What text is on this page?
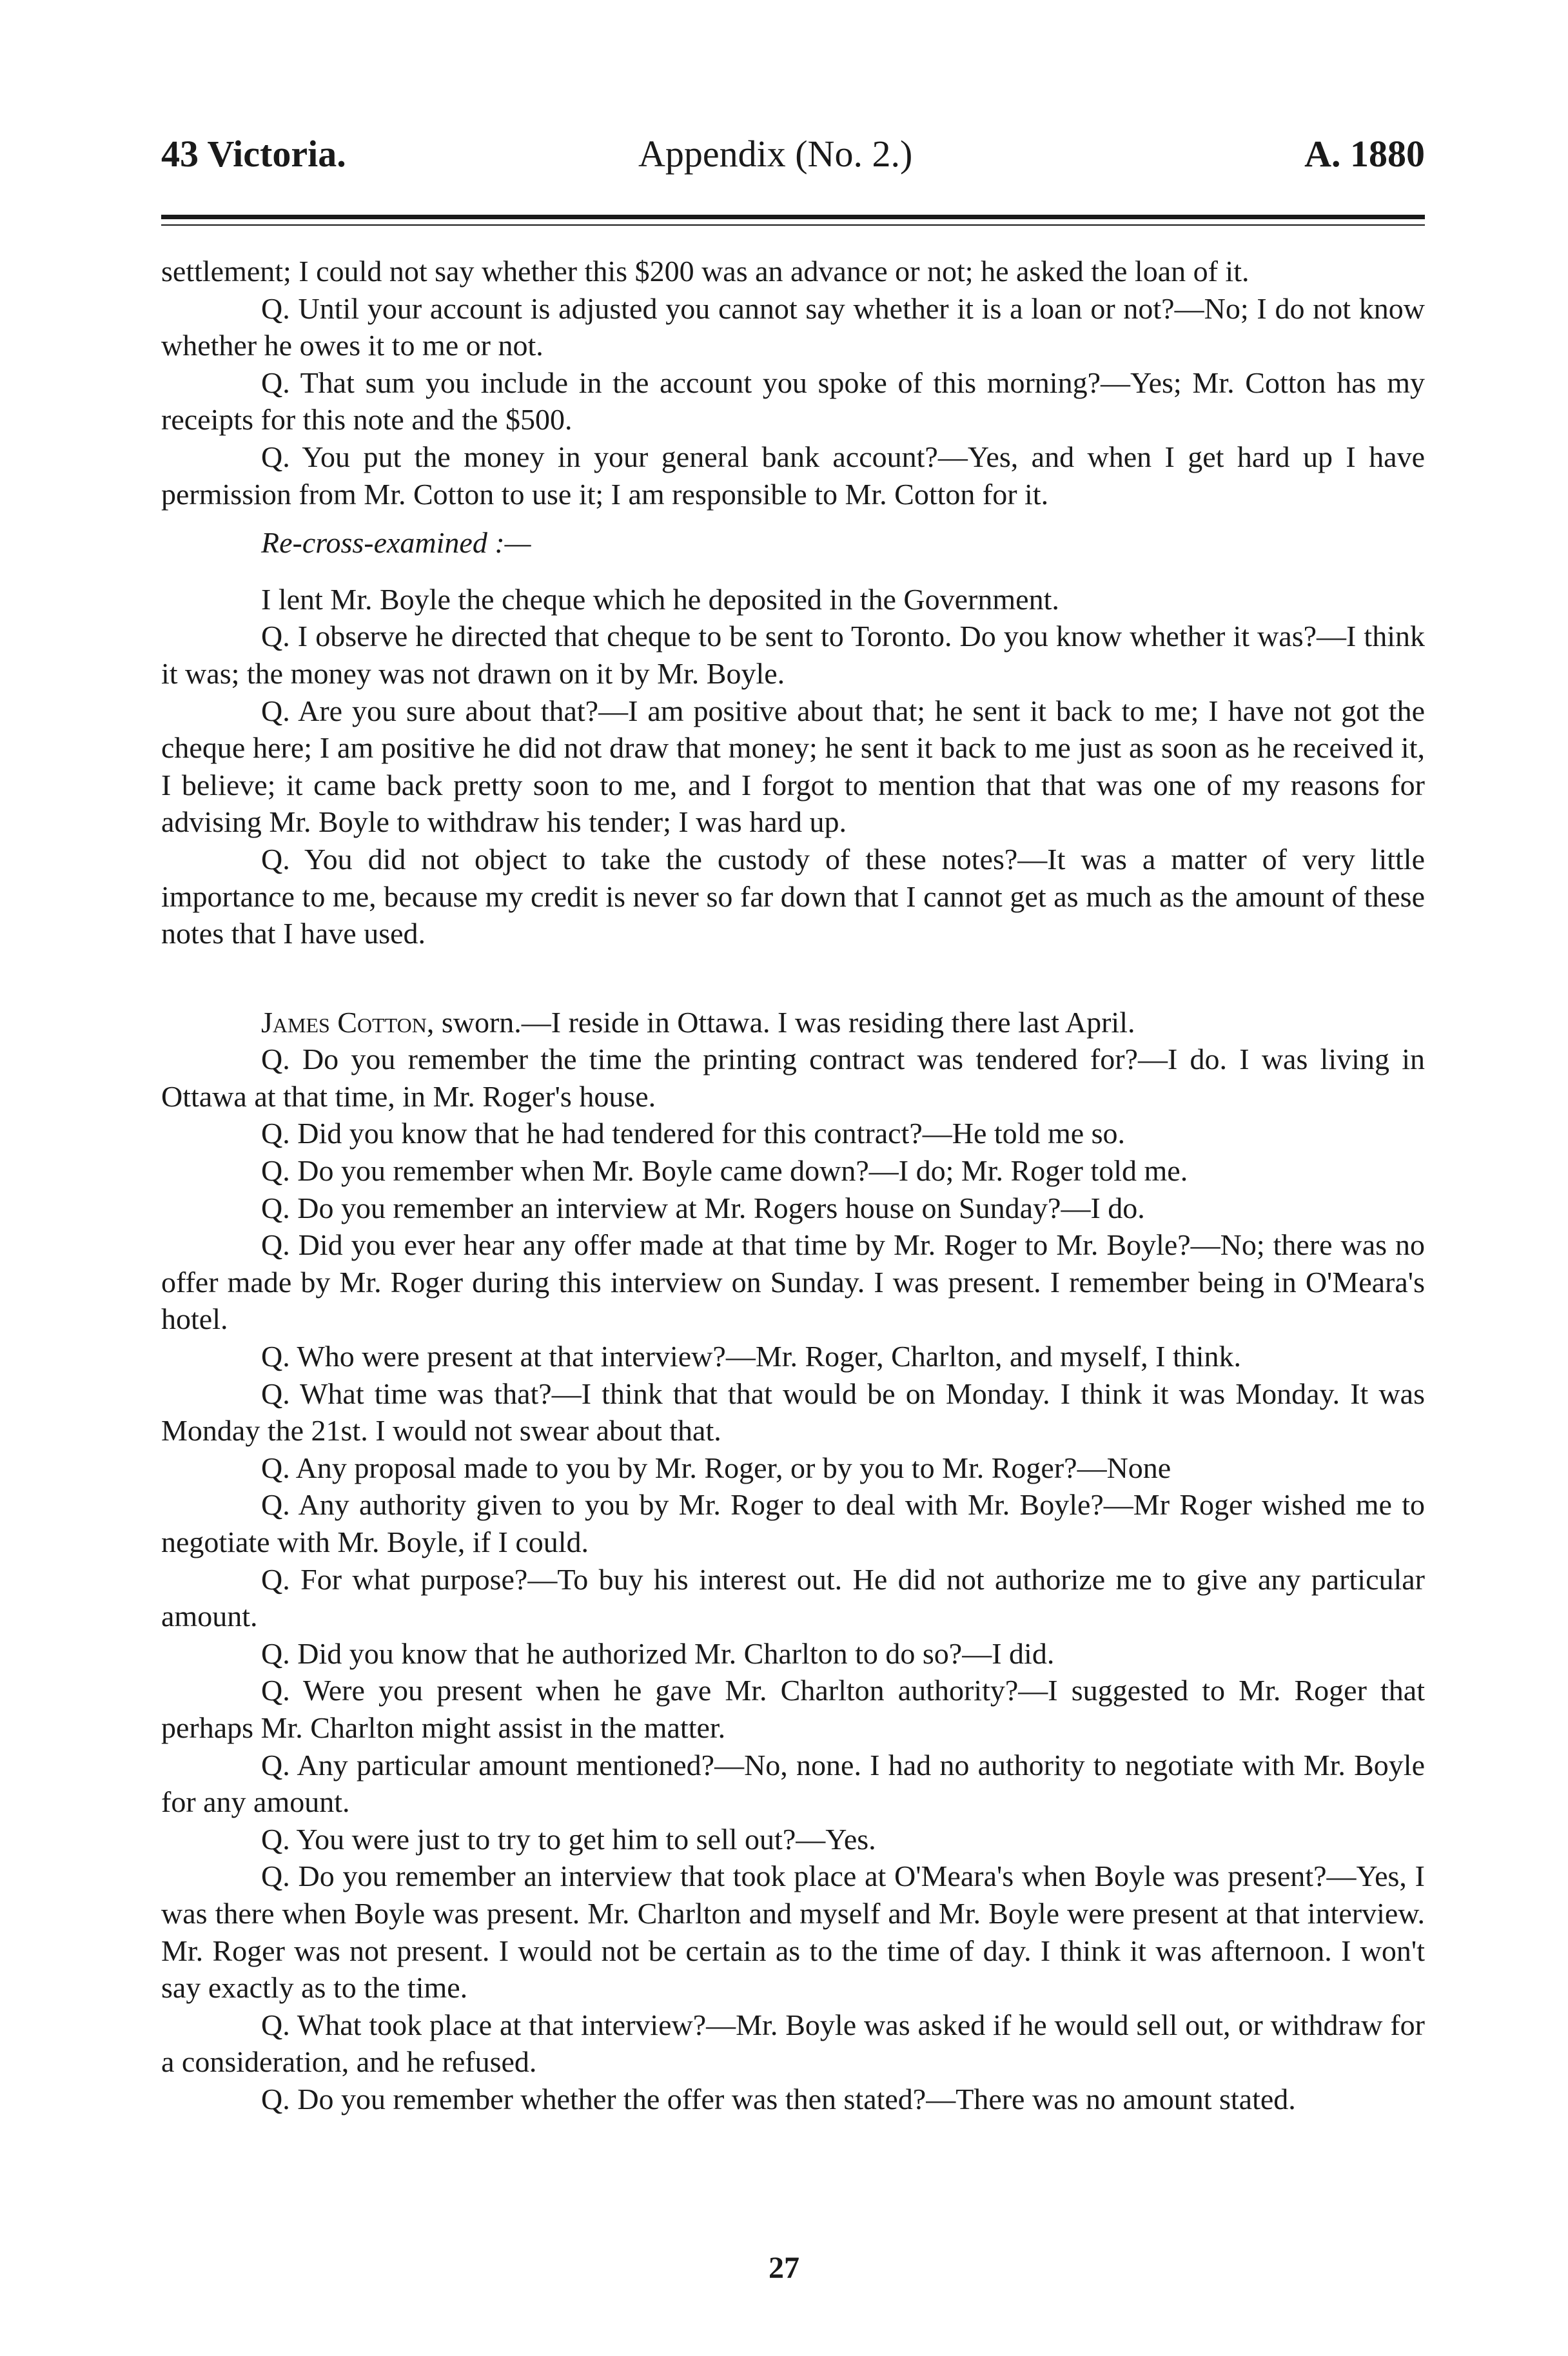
43 Victoria.	Appendix (No. 2.)	A. 1880

settlement; I could not say whether this $200 was an advance or not; he asked the loan of it.

Q. Until your account is adjusted you cannot say whether it is a loan or not?—No; I do not know whether he owes it to me or not.

Q. That sum you include in the account you spoke of this morning?—Yes; Mr. Cotton has my receipts for this note and the $500.

Q. You put the money in your general bank account?—Yes, and when I get hard up I have permission from Mr. Cotton to use it; I am responsible to Mr. Cotton for it.

Re-cross-examined :—

I lent Mr. Boyle the cheque which he deposited in the Government.

Q. I observe he directed that cheque to be sent to Toronto. Do you know whether it was?—I think it was; the money was not drawn on it by Mr. Boyle.

Q. Are you sure about that?—I am positive about that; he sent it back to me; I have not got the cheque here; I am positive he did not draw that money; he sent it back to me just as soon as he received it, I believe; it came back pretty soon to me, and I forgot to mention that that was one of my reasons for advising Mr. Boyle to withdraw his tender; I was hard up.

Q. You did not object to take the custody of these notes?—It was a matter of very little importance to me, because my credit is never so far down that I cannot get as much as the amount of these notes that I have used.

James Cotton, sworn.—I reside in Ottawa. I was residing there last April.

Q. Do you remember the time the printing contract was tendered for?—I do. I was living in Ottawa at that time, in Mr. Roger's house.

Q. Did you know that he had tendered for this contract?—He told me so.

Q. Do you remember when Mr. Boyle came down?—I do; Mr. Roger told me.

Q. Do you remember an interview at Mr. Rogers house on Sunday?—I do.

Q. Did you ever hear any offer made at that time by Mr. Roger to Mr. Boyle?—No; there was no offer made by Mr. Roger during this interview on Sunday. I was present. I remember being in O'Meara's hotel.

Q. Who were present at that interview?—Mr. Roger, Charlton, and myself, I think.

Q. What time was that?—I think that that would be on Monday. I think it was Monday. It was Monday the 21st. I would not swear about that.

Q. Any proposal made to you by Mr. Roger, or by you to Mr. Roger?—None

Q. Any authority given to you by Mr. Roger to deal with Mr. Boyle?—Mr Roger wished me to negotiate with Mr. Boyle, if I could.

Q. For what purpose?—To buy his interest out. He did not authorize me to give any particular amount.

Q. Did you know that he authorized Mr. Charlton to do so?—I did.

Q. Were you present when he gave Mr. Charlton authority?—I suggested to Mr. Roger that perhaps Mr. Charlton might assist in the matter.

Q. Any particular amount mentioned?—No, none. I had no authority to negotiate with Mr. Boyle for any amount.

Q. You were just to try to get him to sell out?—Yes.

Q. Do you remember an interview that took place at O'Meara's when Boyle was present?—Yes, I was there when Boyle was present. Mr. Charlton and myself and Mr. Boyle were present at that interview. Mr. Roger was not present. I would not be certain as to the time of day. I think it was afternoon. I won't say exactly as to the time.

Q. What took place at that interview?—Mr. Boyle was asked if he would sell out, or withdraw for a consideration, and he refused.

Q. Do you remember whether the offer was then stated?—There was no amount stated.

27
